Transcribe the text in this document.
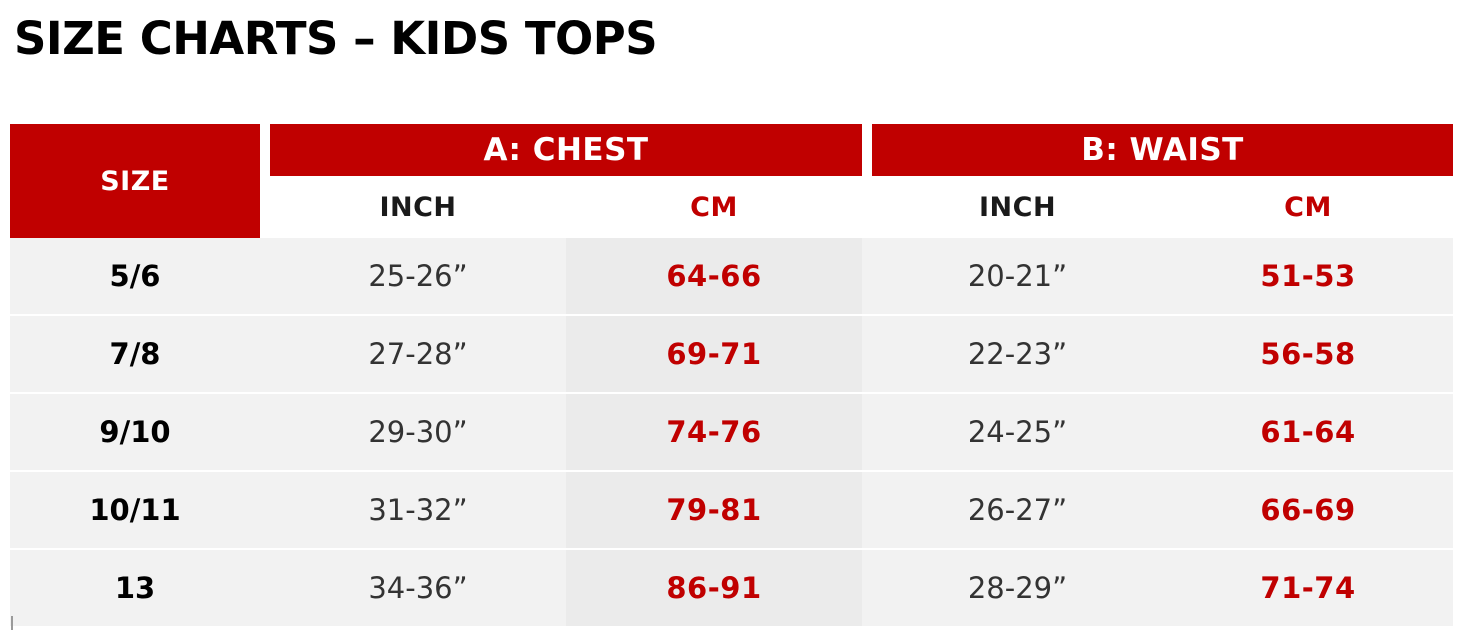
SIZE CHARTS – KIDS TOPS
SIZE		A: CHEST			B: WAIST	
		INCH	CM		INCH	CM
5/6		25-26”	64-66		20-21”	51-53

7/8		27-28”	69-71		22-23”	56-58

9/10		29-30”	74-76		24-25”	61-64

10/11		31-32”	79-81		26-27”	66-69

13		34-36”	86-91		28-29”	71-74
